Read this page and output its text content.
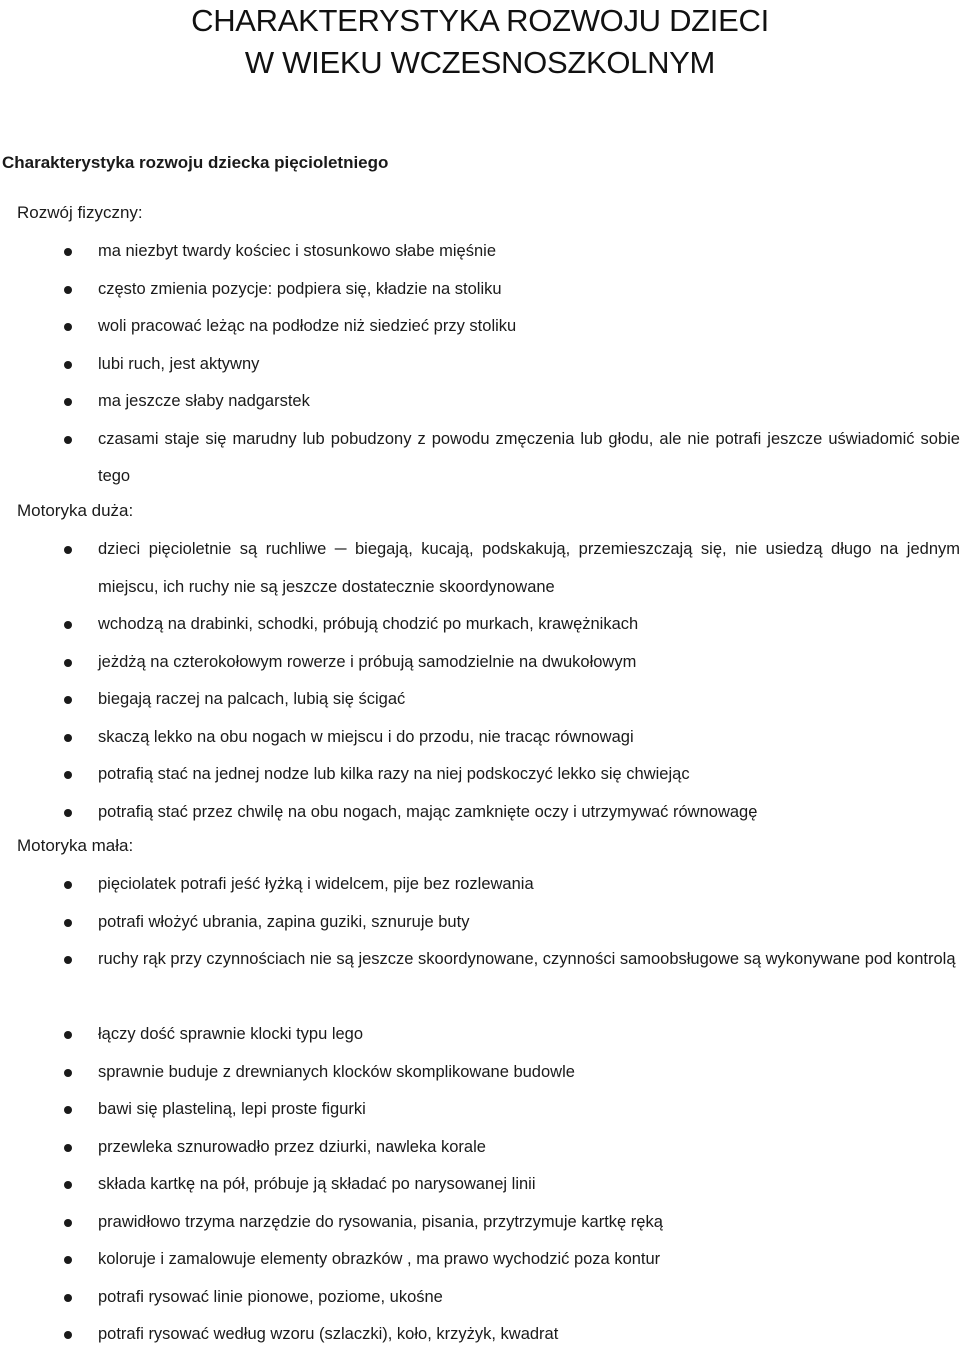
CHARAKTERYSTYKA ROZWOJU DZIECI
W WIEKU WCZESNOSZKOLNYM
Charakterystyka rozwoju dziecka pięcioletniego
Rozwój fizyczny:
ma niezbyt twardy kościec i stosunkowo słabe mięśnie
często zmienia pozycje: podpiera się, kładzie na stoliku
woli pracować leżąc na podłodze niż siedzieć przy stoliku
lubi ruch, jest aktywny
ma jeszcze słaby nadgarstek
czasami staje się marudny lub pobudzony z powodu zmęczenia lub głodu, ale nie potrafi jeszcze uświadomić sobie tego
Motoryka duża:
dzieci pięcioletnie są ruchliwe ─ biegają, kucają, podskakują, przemieszczają się, nie usiedzą długo na jednym miejscu, ich ruchy nie są jeszcze dostatecznie skoordynowane
wchodzą na drabinki, schodki, próbują chodzić po murkach, krawężnikach
jeżdżą na czterokołowym rowerze i próbują samodzielnie na dwukołowym
biegają raczej na palcach, lubią się ścigać
skaczą lekko na obu nogach w miejscu i do przodu, nie tracąc równowagi
potrafią stać na jednej nodze lub kilka razy na niej podskoczyć lekko się chwiejąc
potrafią stać przez chwilę na obu nogach, mając zamknięte oczy i utrzymywać równowagę
Motoryka mała:
pięciolatek potrafi jeść łyżką i widelcem, pije bez rozlewania
potrafi włożyć ubrania, zapina guziki, sznuruje buty
ruchy rąk przy czynnościach nie są jeszcze skoordynowane, czynności samoobsługowe są wykonywane pod kontrolą
łączy dość sprawnie klocki typu lego
sprawnie buduje z drewnianych klocków skomplikowane budowle
bawi się plasteliną, lepi proste figurki
przewleka sznurowadło przez dziurki, nawleka korale
składa kartkę na pół, próbuje ją składać po narysowanej linii
prawidłowo trzyma narzędzie do rysowania, pisania, przytrzymuje kartkę ręką
koloruje i zamalowuje elementy obrazków , ma prawo wychodzić poza kontur
potrafi rysować linie pionowe, poziome, ukośne
potrafi rysować według wzoru (szlaczki), koło, krzyżyk, kwadrat
